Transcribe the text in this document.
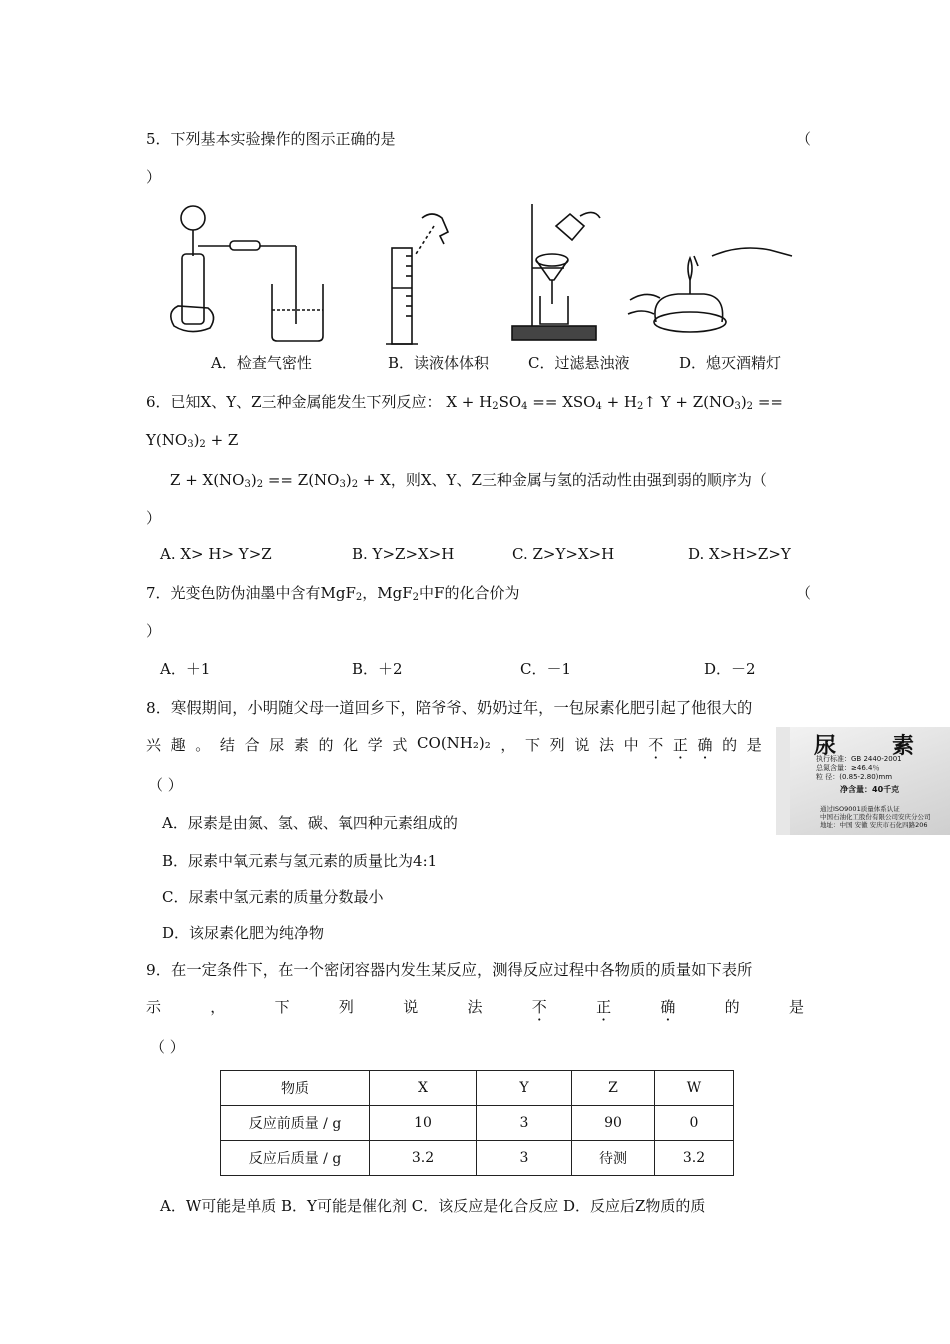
5．下列基本实验操作的图示正确的是	（
）
A．检查气密性	B．读液体体积	C．过滤悬浊液	D．熄灭酒精灯
6．已知X、Y、Z三种金属能发生下列反应： $X + H_2SO_4 == XSO_4$ + $H_2↑$ $Y + Z(NO_3)_2$ ==
$Y(NO_3)_2 + Z$
$Z + X(NO_3)_2 == Z(NO_3)_2 + X$，则X、Y、Z三种金属与氢的活动性由强到弱的顺序为（
）
A. X> H> Y>Z	B. Y>Z>X>H	C. Z>Y>X>H	D. X>H>Z>Y
7．光变色防伪油墨中含有MgF$_2$，MgF$_2$中F的化合价为	（
）
A．＋1	B．＋2	C．－1	D．－2
8．寒假期间，小明随父母一道回乡下，陪爷爷、奶奶过年，一包尿素化肥引起了他很大的
兴 趣 。 结 合 尿 素 的 化 学 式 CO(NH₂)₂ ， 下 列 说 法 中 不 · 正 · 确 · 的 是
（ ）
A．尿素是由氮、氢、碳、氧四种元素组成的
B．尿素中氧元素与氢元素的质量比为4:1
C．尿素中氢元素的质量分数最小
D．该尿素化肥为纯净物
尿	素
执行标准：GB 2440-2001
总氮含量：≥46.4％
粒 径：(0.85-2.80)mm
净含量：40千克
通过ISO9001质量体系认证
中国石油化工股份有限公司安庆分公司
地址：中国 安徽 安庆市石化四路206
9．在一定条件下，在一个密闭容器内发生某反应，测得反应过程中各物质的质量如下表所
示	，	下	列	说	法	不 ·	正 ·	确 ·	的	是
（ ）
物质	X	Y	Z	W
反应前质量 / g	10	3	90	0
反应后质量 / g	3.2	3	待测	3.2
A．W可能是单质 B．Y可能是催化剂 C．该反应是化合反应 D．反应后Z物质的质
